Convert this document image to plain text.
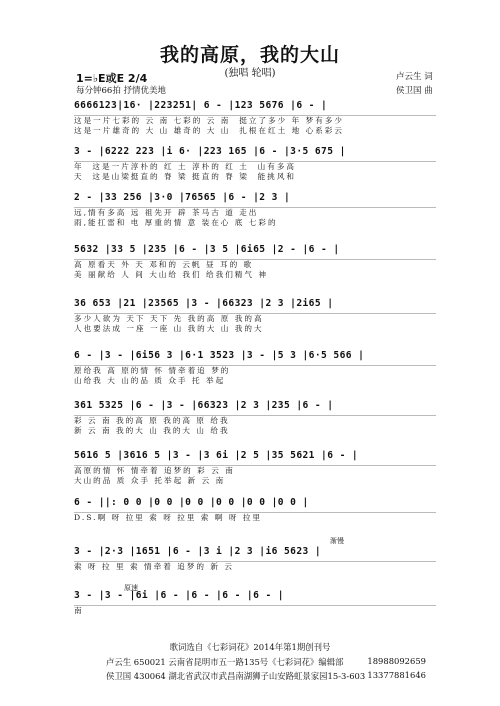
我的高原，我的大山
(独唱 轮唱)
1=♭E或E 2/4
每分钟66拍 抒情优美地
卢云生 词
侯卫国 曲
6666123|16· |223251| 6 - |123 5676 |6 - |
这是一片七彩的 云 南 七彩的 云 南  挺立了多少 年 梦有多少
这是一片雄奇的 大 山 雄奇的 大 山  扎根在红土 地 心系彩云
3 - |6222 223 |i 6· |223 165 |6 - |3·5 675 |
年  这是一片淳朴的 红 土 淳朴的 红 土  山有多高
天  这是山梁挺直的 脊 梁 挺直的 脊 梁  能挑风和
2 - |33 256 |3·0 |76565 |6 - |2 3 |
远,情有多高 远 祖先开 辟 茶马古 道 走出
雨,能扛雷和 电 厚重的情 意 装在心 底 七彩的
5632 |33 5 |235 |6 - |3 5 |6i65 |2 - |6 - |
高 原看天 外 天 邓和的 云帆 昼 耳的 歌
美 丽献给 人 间 大山给 我们 给我们精气 神
36 653 |21 |23565 |3 - |66323 |2 3 |2i65 |
多少人欲为 天下 天下 先 我的高 原 我的高
人也要法成 一座 一座 山 我的大 山 我的大
6 - |3 - |6i56 3 |6·1 3523 |3 - |5 3 |6·5 566 |
原给我 高 原的情 怀 情牵着追 梦的
山给我 大 山的品 质 众手 托 举起
361 5325 |6 - |3 - |66323 |2 3 |235 |6 - |
彩 云 南 我的高 原 我的高 原 给我
新 云 南 我的大 山 我的大 山 给我
5616 5 |3616 5 |3 - |3 6i |2 5 |35 5621 |6 - |
高原的情 怀 情牵着 追梦的 彩 云 南
大山的品 质 众手 托举起 新 云 南
6 - ||: 0 0 |0 0 |0 0 |0 0 |0 0 |0 0 |
D.S.啊 呀 拉里 索 呀 拉里 索 啊 呀 拉里
3 - |2·3 |1651 |6 - |3 i |2 3 |i6 5623 |
索 呀 拉 里 索 情牵着 追梦的 新 云
3 - |3 - |6i |6 - |6 - |6 - |6 - |
南
渐慢
原速
歌词选自《七彩词花》2014年第1期创刊号
卢云生 650021 云南省昆明市五一路135号《七彩词花》编辑部	18988092659
侯卫国 430064 湖北省武汉市武昌南湖狮子山安路虹景家园15-3-603 13377881646
